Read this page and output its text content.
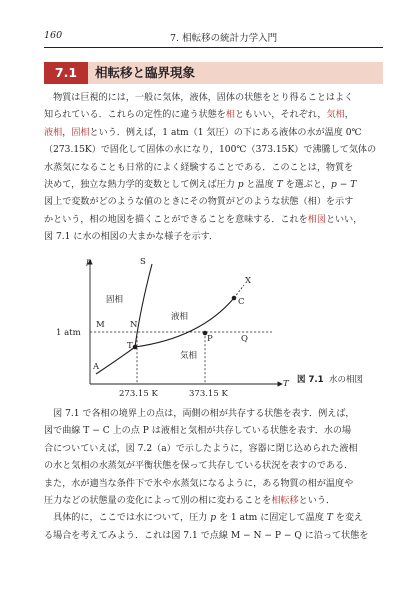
160	7. 相転移の統計力学入門
7.1	相転移と臨界現象
　物質は巨視的には，一般に気体，液体，固体の状態をとり得ることはよく
知られている．これらの定性的に違う状態を相ともいい，それぞれ，気相，
液相，固相という．例えば，1 atm（1 気圧）の下にある液体の水が温度 0℃
（273.15K）で固化して固体の水になり，100℃（373.15K）で沸騰して気体の
水蒸気になることも日常的によく経験することである．このことは，物質を
決めて，独立な熱力学的変数として例えば圧力 p と温度 T を選ぶと，p − T
図上で変数がどのような値のときにその物質がどのような状態（相）を示す
かという，相の地図を描くことができることを意味する．これを相図といい，
図 7.1 に水の相図の大まかな様子を示す．
p
T
S
X
C
固相
液相
気相
1 atm
M	N
P	Q
T
A
273.15 K	373.15 K
図 7.1 水の相図
　図 7.1 で各相の境界上の点は，両側の相が共存する状態を表す．例えば，
図で曲線 T − C 上の点 P は液相と気相が共存している状態を表す．水の場
合についていえば，図 7.2（a）で示したように，容器に閉じ込められた液相
の水と気相の水蒸気が平衡状態を保って共存している状況を表すのである．
また，水が適当な条件下で氷や水蒸気になるように，ある物質の相が温度や
圧力などの状態量の変化によって別の相に変わることを相転移という．
　具体的に，ここでは水について，圧力 p を 1 atm に固定して温度 T を変え
る場合を考えてみよう．これは図 7.1 で点線 M − N − P − Q に沿って状態を
